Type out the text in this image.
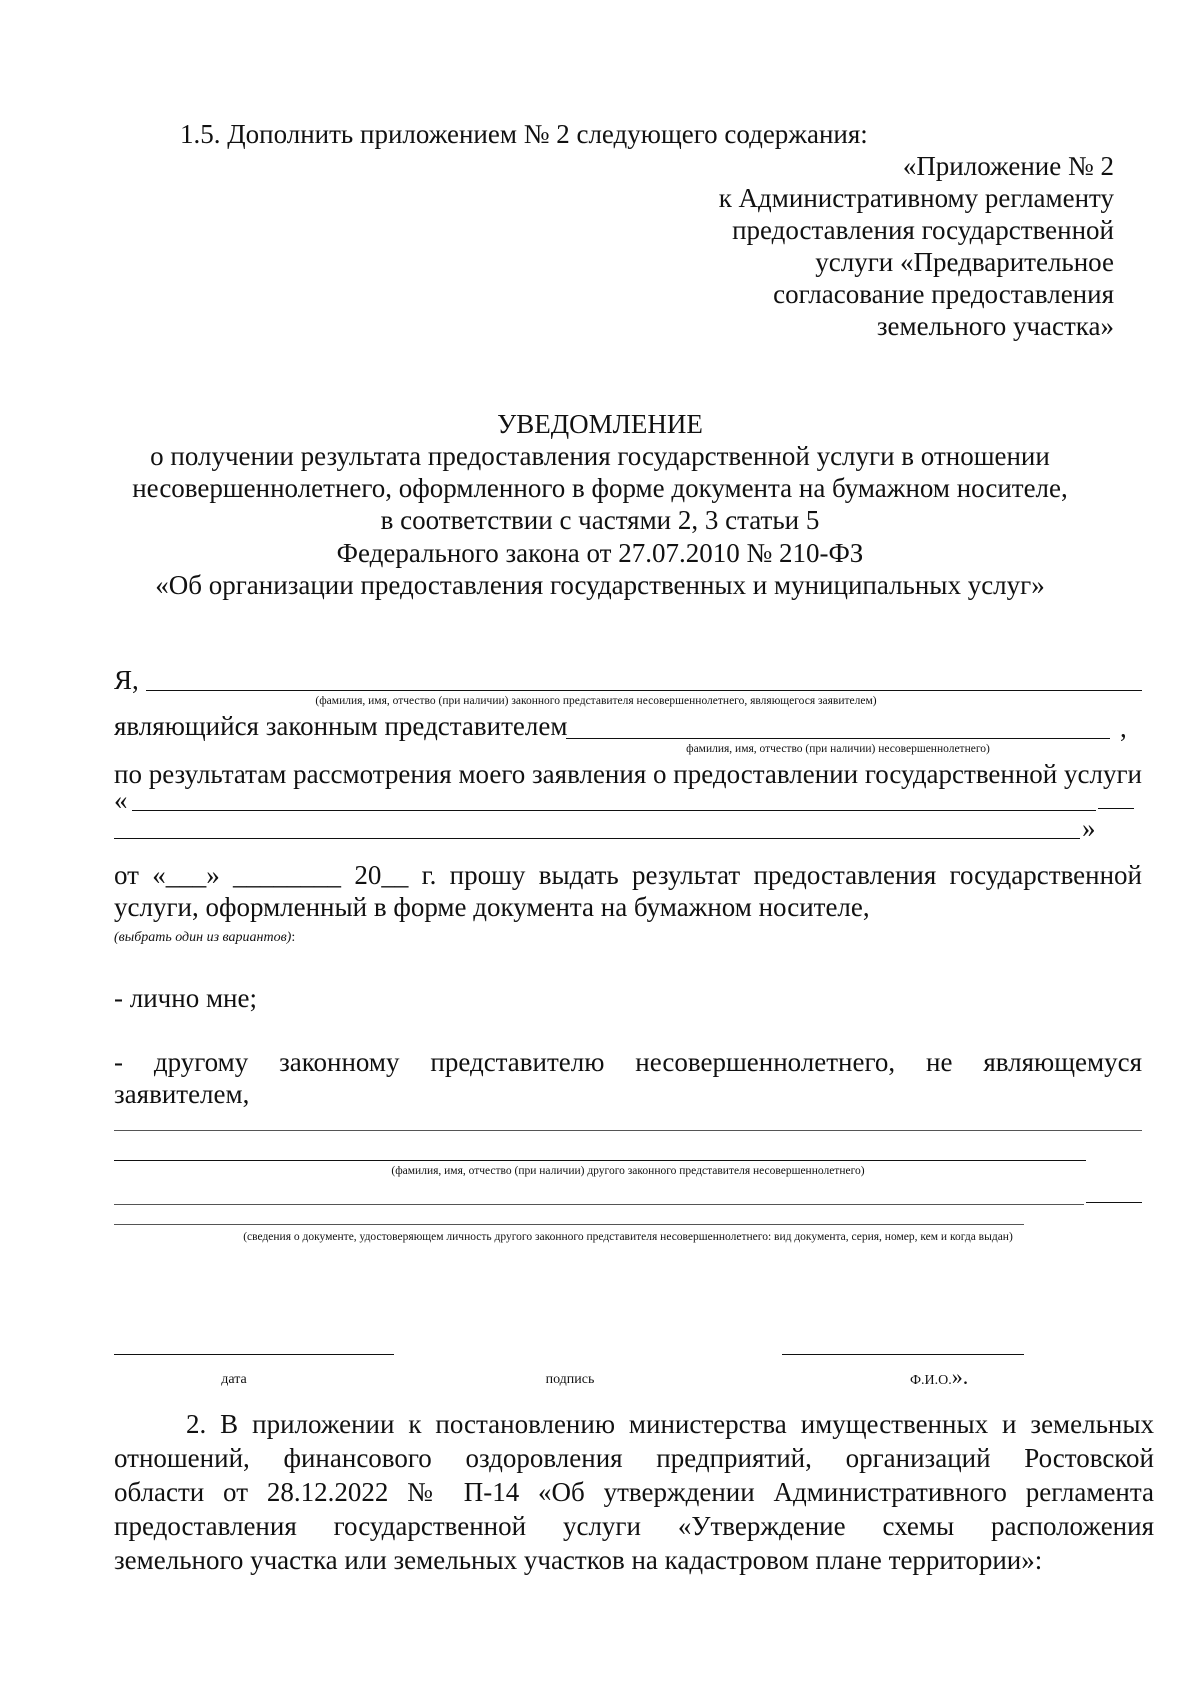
1.5. Дополнить приложением № 2 следующего содержания:
«Приложение № 2
к Административному регламенту
предоставления государственной
услуги «Предварительное
согласование предоставления
земельного участка»
УВЕДОМЛЕНИЕ
о получении результата предоставления государственной услуги в отношении
несовершеннолетнего, оформленного в форме документа на бумажном носителе,
в соответствии с частями 2, 3 статьи 5
Федерального закона от 27.07.2010 № 210-ФЗ
«Об организации предоставления государственных и муниципальных услуг»
Я,
(фамилия, имя, отчество (при наличии) законного представителя несовершеннолетнего, являющегося заявителем)
являющийся законным представителем	,
фамилия, имя, отчество (при наличии) несовершеннолетнего)
по результатам рассмотрения моего заявления о предоставлении государственной услуги
«
»
от «___» ________ 20__ г. прошу выдать результат предоставления государственной
услуги, оформленный в форме документа на бумажном носителе,
(выбрать один из вариантов):
- лично мне;
- другому законному представителю несовершеннолетнего, не являющемуся
заявителем,
(фамилия, имя, отчество (при наличии) другого законного представителя несовершеннолетнего)
(сведения о документе, удостоверяющем личность другого законного представителя несовершеннолетнего: вид документа, серия, номер, кем и когда выдан)
дата	подпись	Ф.И.О.».
2. В приложении к постановлению министерства имущественных и земельных
отношений, финансового оздоровления предприятий, организаций Ростовской
области от 28.12.2022 № П-14 «Об утверждении Административного регламента
предоставления государственной услуги «Утверждение схемы расположения
земельного участка или земельных участков на кадастровом плане территории»:
